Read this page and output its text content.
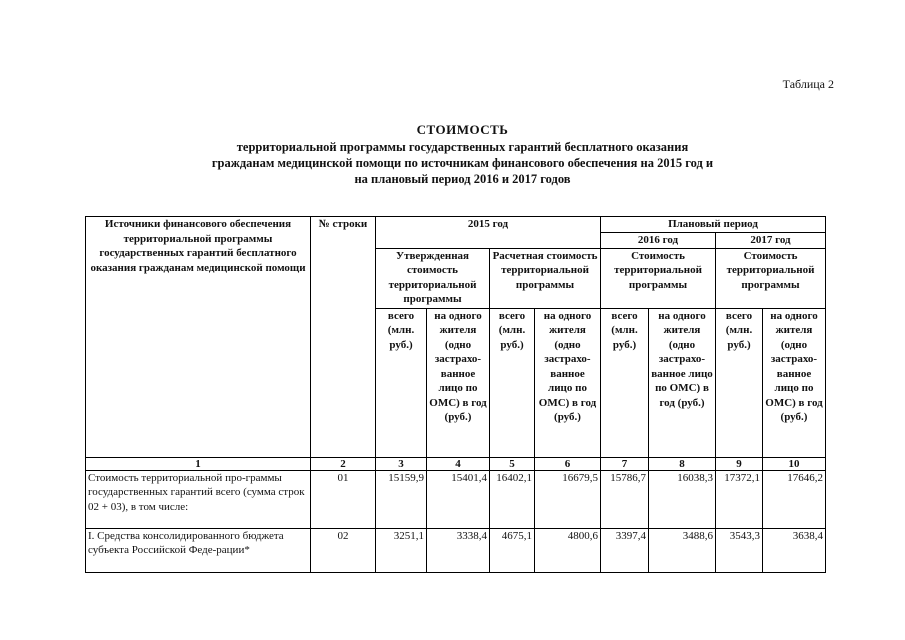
Таблица 2
СТОИМОСТЬ
территориальной программы государственных гарантий бесплатного оказания
гражданам медицинской помощи по источникам финансового обеспечения на 2015 год и
на плановый период 2016 и 2017 годов
Источники финансового обеспечения территориальной программы государственных гарантий бесплатного оказания гражданам медицинской помощи	№ строки	2015 год				Плановый период			
						2016 год		2017 год	
		Утвержденная стоимость территориальной программы		Расчетная стоимость территориальной программы		Стоимость территориальной программы		Стоимость территориальной программы	
		всего (млн. руб.)	на одного жителя (одно застрахо-ванное лицо по ОМС) в год (руб.)	всего (млн. руб.)	на одного жителя (одно застрахо-ванное лицо по ОМС) в год (руб.)	всего (млн. руб.)	на одного жителя (одно застрахо-ванное лицо по ОМС) в год (руб.)	всего (млн. руб.)	на одного жителя (одно застрахо-ванное лицо по ОМС) в год (руб.)
1	2	3	4	5	6	7	8	9	10
Стоимость территориальной про-граммы государственных гарантий всего (сумма строк 02 + 03), в том числе:	01	15159,9	15401,4	16402,1	16679,5	15786,7	16038,3	17372,1	17646,2
I. Средства консолидированного бюджета субъекта Российской Феде-рации*	02	3251,1	3338,4	4675,1	4800,6	3397,4	3488,6	3543,3	3638,4
